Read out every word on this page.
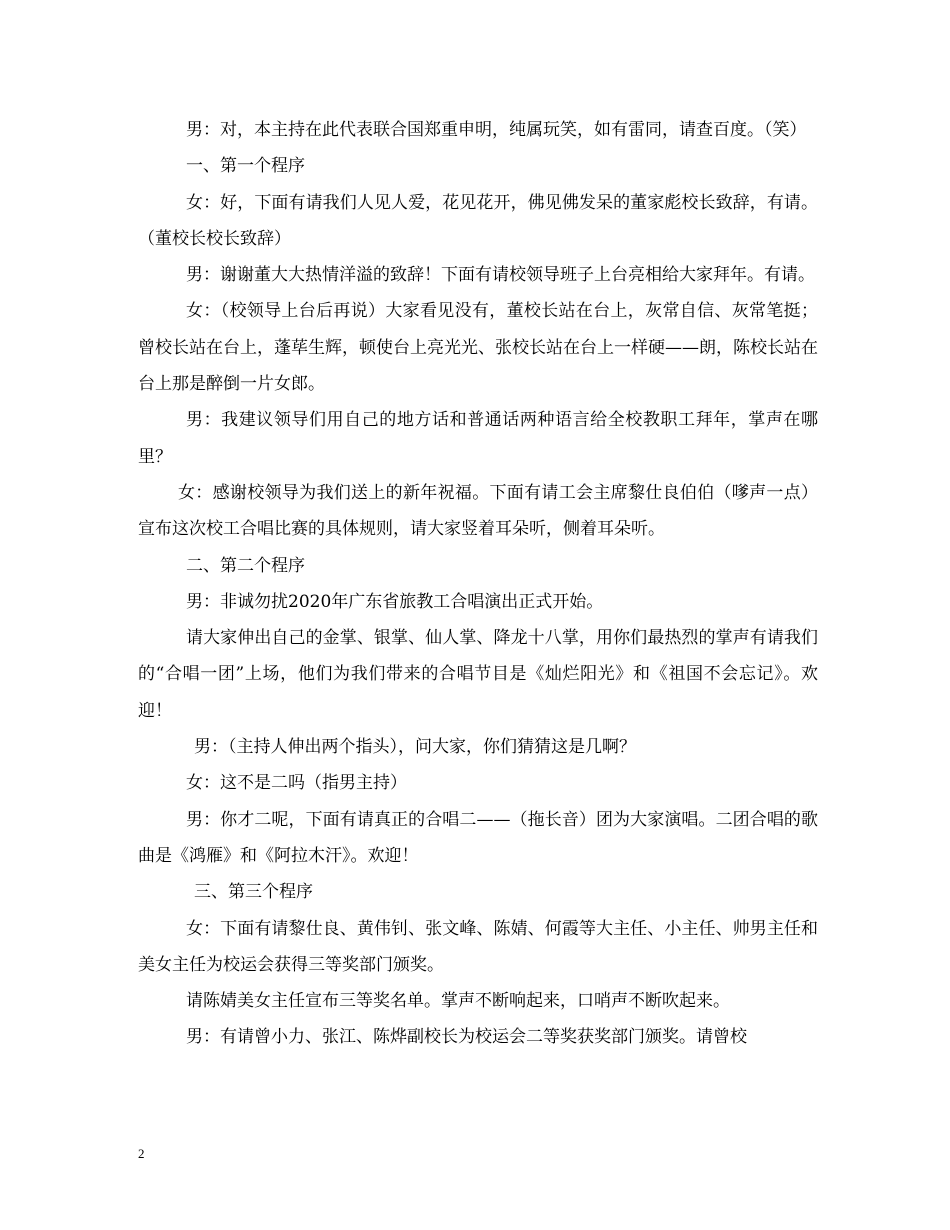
男：对，本主持在此代表联合国郑重申明，纯属玩笑，如有雷同，请查百度。（笑）

一、第一个程序

女：好，下面有请我们人见人爱，花见花开，佛见佛发呆的董家彪校长致辞，有请。（董校长校长致辞）

男：谢谢董大大热情洋溢的致辞！下面有请校领导班子上台亮相给大家拜年。有请。

女：（校领导上台后再说）大家看见没有，董校长站在台上，灰常自信、灰常笔挺；曾校长站在台上，蓬荜生辉，顿使台上亮光光、张校长站在台上一样硬——朗，陈校长站在台上那是醉倒一片女郎。

男：我建议领导们用自己的地方话和普通话两种语言给全校教职工拜年，掌声在哪里？

女：感谢校领导为我们送上的新年祝福。下面有请工会主席黎仕良伯伯（嗲声一点）宣布这次校工合唱比赛的具体规则，请大家竖着耳朵听，侧着耳朵听。

二、第二个程序

男：非诚勿扰2020年广东省旅教工合唱演出正式开始。

请大家伸出自己的金掌、银掌、仙人掌、降龙十八掌，用你们最热烈的掌声有请我们的“合唱一团”上场，他们为我们带来的合唱节目是《灿烂阳光》和《祖国不会忘记》。欢迎！

男：（主持人伸出两个指头），问大家，你们猜猜这是几啊？

女：这不是二吗（指男主持）

男：你才二呢，下面有请真正的合唱二——（拖长音）团为大家演唱。二团合唱的歌曲是《鸿雁》和《阿拉木汗》。欢迎！

三、第三个程序

女：下面有请黎仕良、黄伟钊、张文峰、陈婧、何霞等大主任、小主任、帅男主任和美女主任为校运会获得三等奖部门颁奖。

请陈婧美女主任宣布三等奖名单。掌声不断响起来，口哨声不断吹起来。

男：有请曾小力、张江、陈烨副校长为校运会二等奖获奖部门颁奖。请曾校

2
